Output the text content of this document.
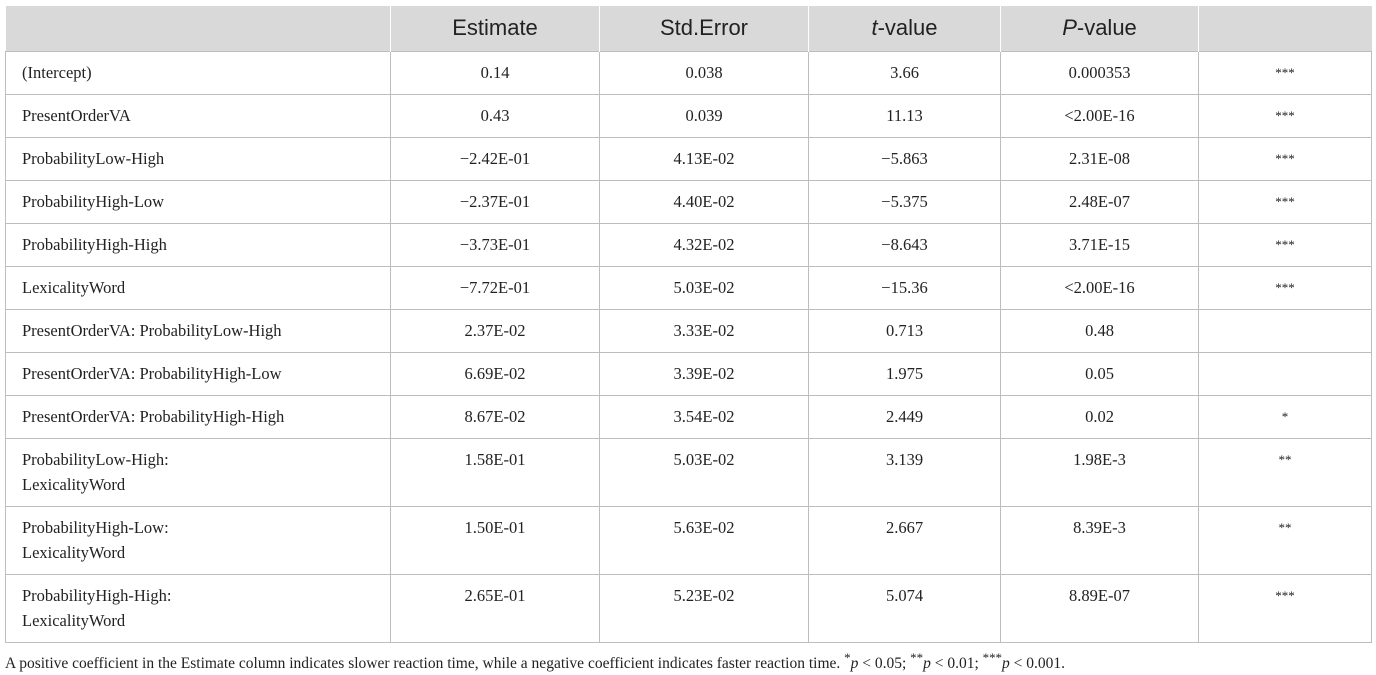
	Estimate	Std.Error	t-value	P-value	

(Intercept)	0.14	0.038	3.66	0.000353	***

PresentOrderVA	0.43	0.039	11.13	<2.00E-16	***

ProbabilityLow-High	−2.42E-01	4.13E-02	−5.863	2.31E-08	***

ProbabilityHigh-Low	−2.37E-01	4.40E-02	−5.375	2.48E-07	***

ProbabilityHigh-High	−3.73E-01	4.32E-02	−8.643	3.71E-15	***

LexicalityWord	−7.72E-01	5.03E-02	−15.36	<2.00E-16	***

PresentOrderVA: ProbabilityLow-High	2.37E-02	3.33E-02	0.713	0.48	

PresentOrderVA: ProbabilityHigh-Low	6.69E-02	3.39E-02	1.975	0.05	

PresentOrderVA: ProbabilityHigh-High	8.67E-02	3.54E-02	2.449	0.02	*

ProbabilityLow-High:
LexicalityWord	1.58E-01	5.03E-02	3.139	1.98E-3	**

ProbabilityHigh-Low:
LexicalityWord	1.50E-01	5.63E-02	2.667	8.39E-3	**

ProbabilityHigh-High:
LexicalityWord	2.65E-01	5.23E-02	5.074	8.89E-07	***
A positive coefficient in the Estimate column indicates slower reaction time, while a negative coefficient indicates faster reaction time. *p < 0.05; **p < 0.01; ***p < 0.001.
